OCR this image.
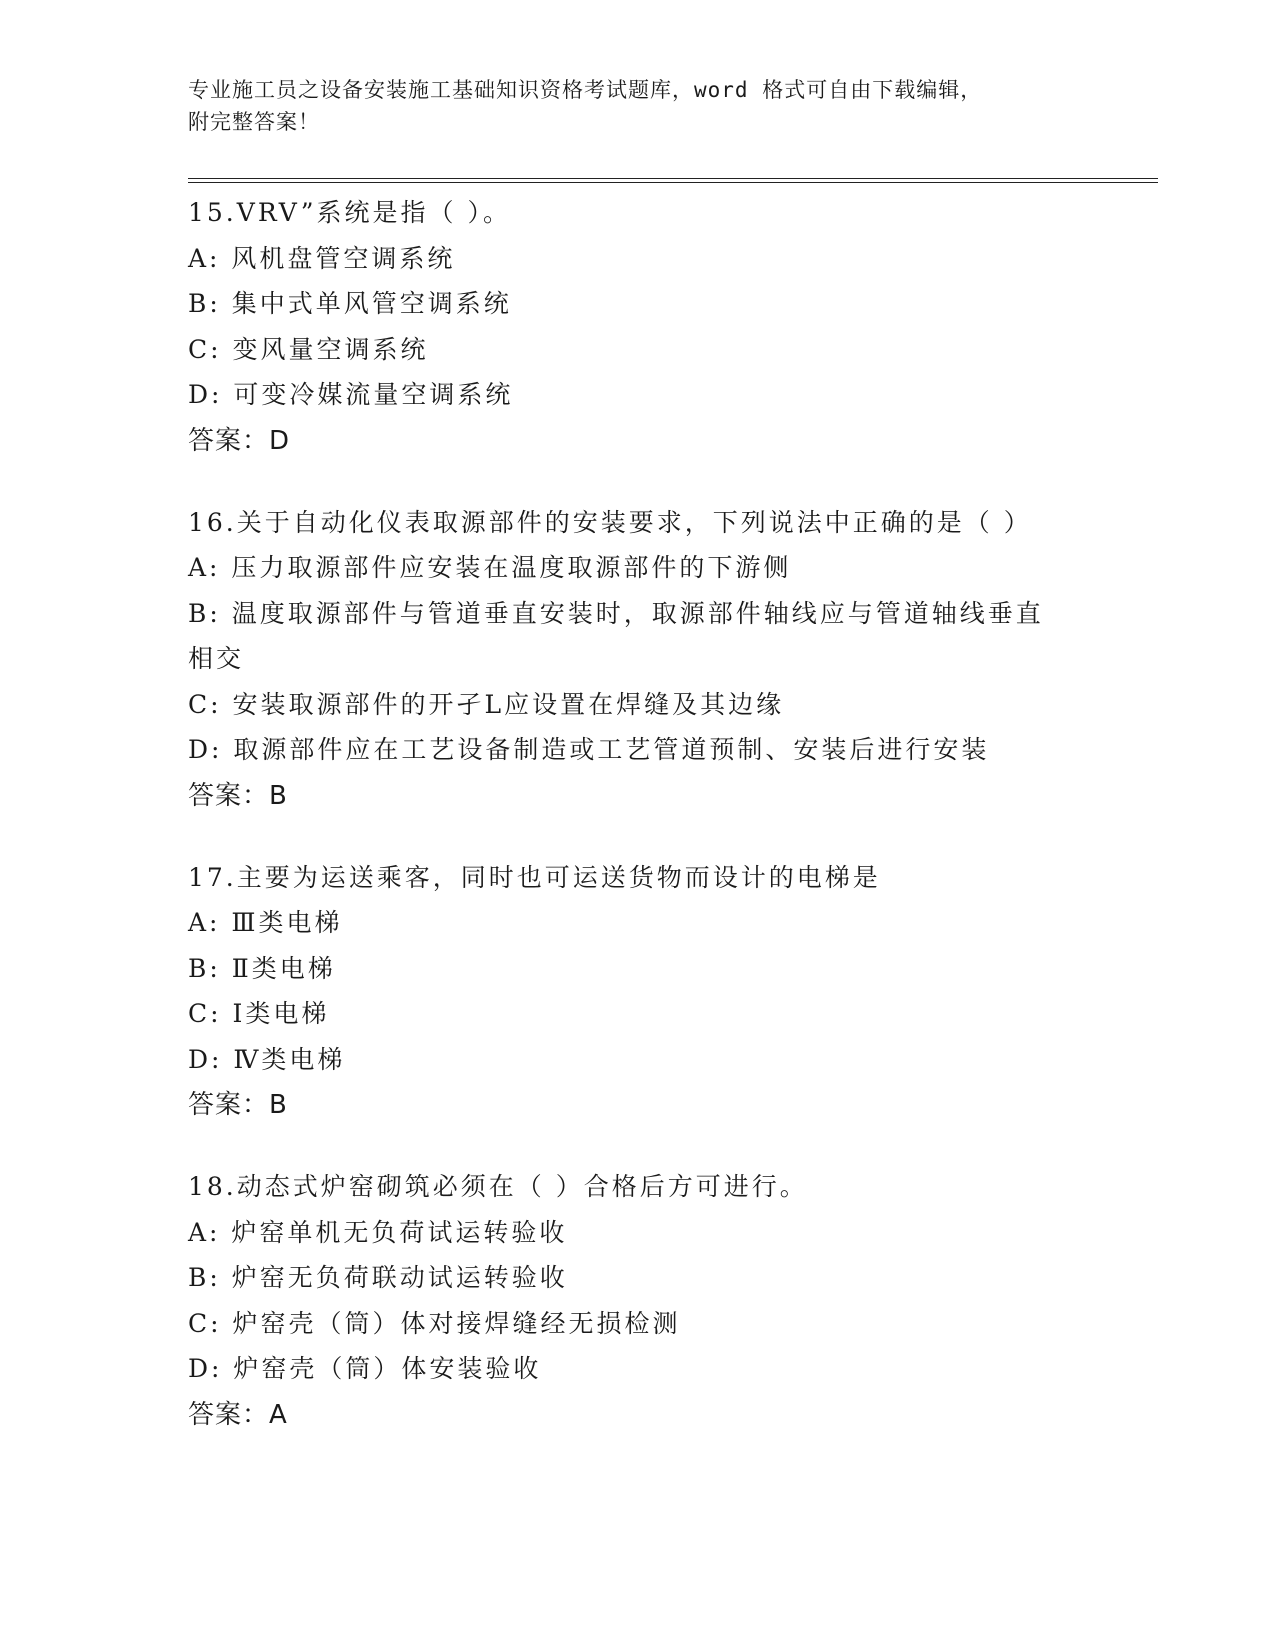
专业施工员之设备安装施工基础知识资格考试题库，word 格式可自由下载编辑，
附完整答案！
15.VRV”系统是指（ ）。
A: 风机盘管空调系统
B: 集中式单风管空调系统
C: 变风量空调系统
D: 可变冷媒流量空调系统
答案：D
16.关于自动化仪表取源部件的安装要求，下列说法中正确的是（ ）
A: 压力取源部件应安装在温度取源部件的下游侧
B: 温度取源部件与管道垂直安装时，取源部件轴线应与管道轴线垂直相交
C: 安装取源部件的开孑L应设置在焊缝及其边缘
D: 取源部件应在工艺设备制造或工艺管道预制、安装后进行安装
答案：B
17.主要为运送乘客，同时也可运送货物而设计的电梯是
A: Ⅲ类电梯
B: Ⅱ类电梯
C: Ⅰ类电梯
D: Ⅳ类电梯
答案：B
18.动态式炉窑砌筑必须在（ ）合格后方可进行。
A: 炉窑单机无负荷试运转验收
B: 炉窑无负荷联动试运转验收
C: 炉窑壳（筒）体对接焊缝经无损检测
D: 炉窑壳（筒）体安装验收
答案：A
